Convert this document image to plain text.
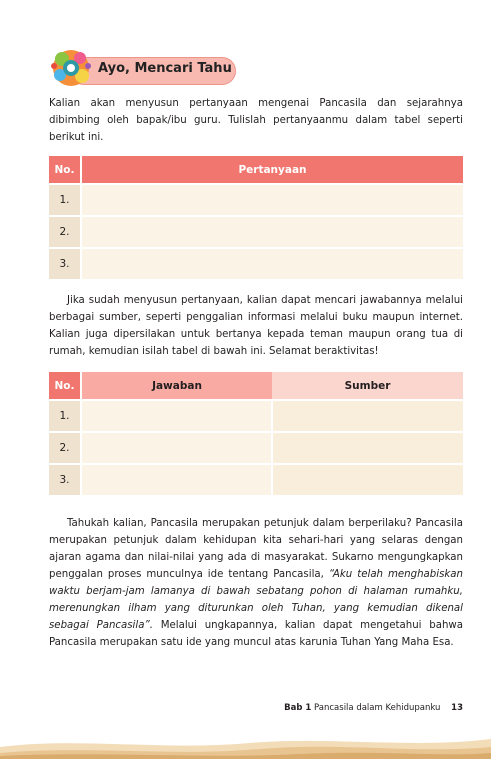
Ayo, Mencari Tahu

Kalian akan menyusun pertanyaan mengenai Pancasila dan sejarahnya dibimbing oleh bapak/ibu guru. Tulislah pertanyaanmu dalam tabel seperti berikut ini.

No.	Pertanyaan
1.	
2.	
3.	

Jika sudah menyusun pertanyaan, kalian dapat mencari jawabannya melalui berbagai sumber, seperti penggalian informasi melalui buku maupun internet. Kalian juga dipersilakan untuk bertanya kepada teman maupun orang tua di rumah, kemudian isilah tabel di bawah ini. Selamat beraktivitas!

No.	Jawaban	Sumber
1.		
2.		
3.		

Tahukah kalian, Pancasila merupakan petunjuk dalam berperilaku? Pancasila merupakan petunjuk dalam kehidupan kita sehari-hari yang selaras dengan ajaran agama dan nilai-nilai yang ada di masyarakat. Sukarno mengungkapkan penggalan proses munculnya ide tentang Pancasila, “Aku telah menghabiskan waktu berjam-jam lamanya di bawah sebatang pohon di halaman rumahku, merenungkan ilham yang diturunkan oleh Tuhan, yang kemudian dikenal sebagai Pancasila”. Melalui ungkapannya, kalian dapat mengetahui bahwa Pancasila merupakan satu ide yang muncul atas karunia Tuhan Yang Maha Esa.

Bab 1 Pancasila dalam Kehidupanku 13
